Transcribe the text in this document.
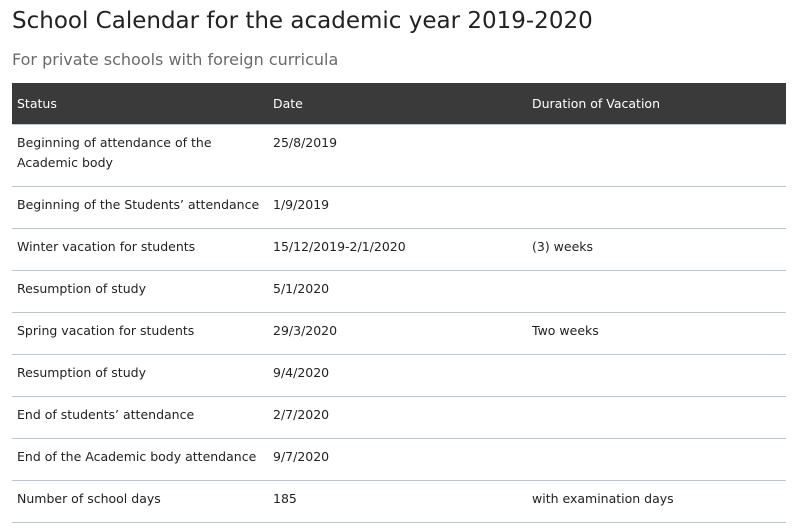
School Calendar for the academic year 2019-2020
For private schools with foreign curricula
Status	Date	Duration of Vacation
Beginning of attendance of the Academic body	25/8/2019	
Beginning of the Students’ attendance	1/9/2019	
Winter vacation for students	15/12/2019-2/1/2020	(3) weeks
Resumption of study	5/1/2020	
Spring vacation for students	29/3/2020	Two weeks
Resumption of study	9/4/2020	
End of students’ attendance	2/7/2020	
End of the Academic body attendance	9/7/2020	
Number of school days	185	with examination days
